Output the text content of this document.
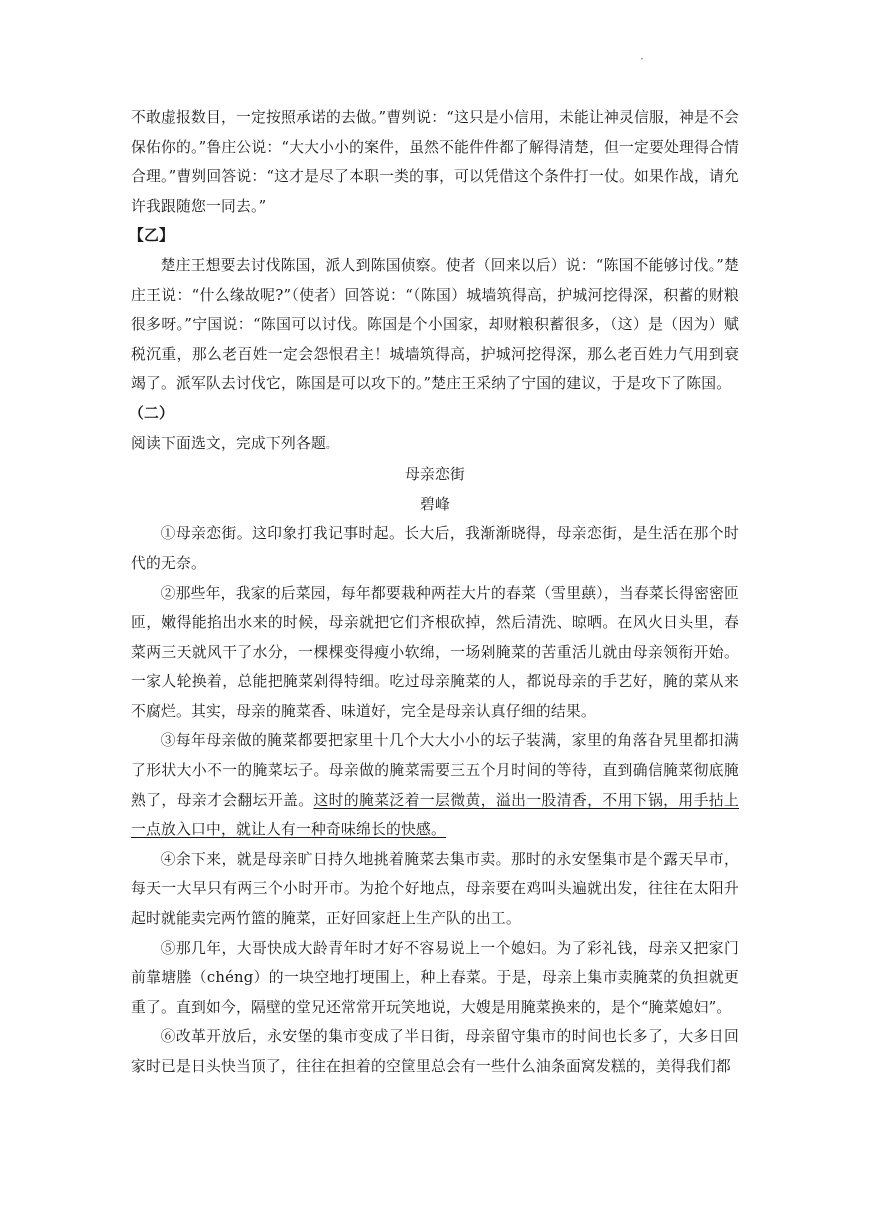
·

不敢虚报数目，一定按照承诺的去做。”曹刿说：“这只是小信用，未能让神灵信服，神是不会保佑你的。”鲁庄公说：“大大小小的案件，虽然不能件件都了解得清楚，但一定要处理得合情合理。”曹刿回答说：“这才是尽了本职一类的事，可以凭借这个条件打一仗。如果作战，请允许我跟随您一同去。”

【乙】

楚庄王想要去讨伐陈国，派人到陈国侦察。使者（回来以后）说：“陈国不能够讨伐。”楚庄王说：“什么缘故呢?”（使者）回答说：“（陈国）城墙筑得高，护城河挖得深，积蓄的财粮很多呀。”宁国说：“陈国可以讨伐。陈国是个小国家，却财粮积蓄很多，（这）是（因为）赋税沉重，那么老百姓一定会怨恨君主！城墙筑得高，护城河挖得深，那么老百姓力气用到衰竭了。派军队去讨伐它，陈国是可以攻下的。”楚庄王采纳了宁国的建议，于是攻下了陈国。

（二）

阅读下面选文，完成下列各题。

母亲恋街

碧峰

①母亲恋街。这印象打我记事时起。长大后，我渐渐晓得，母亲恋街，是生活在那个时代的无奈。

②那些年，我家的后菜园，每年都要栽种两茬大片的春菜（雪里蕻），当春菜长得密密匝匝，嫩得能掐出水来的时候，母亲就把它们齐根砍掉，然后清洗、晾晒。在风火日头里，春菜两三天就风干了水分，一棵棵变得瘦小软绵，一场剁腌菜的苦重活儿就由母亲领衔开始。一家人轮换着，总能把腌菜剁得特细。吃过母亲腌菜的人，都说母亲的手艺好，腌的菜从来不腐烂。其实，母亲的腌菜香、味道好，完全是母亲认真仔细的结果。

③每年母亲做的腌菜都要把家里十几个大大小小的坛子装满，家里的角落旮旯里都扣满了形状大小不一的腌菜坛子。母亲做的腌菜需要三五个月时间的等待，直到确信腌菜彻底腌熟了，母亲才会翻坛开盖。这时的腌菜泛着一层微黄，溢出一股清香，不用下锅，用手拈上一点放入口中，就让人有一种奇味绵长的快感。

④余下来，就是母亲旷日持久地挑着腌菜去集市卖。那时的永安堡集市是个露天早市，每天一大早只有两三个小时开市。为抢个好地点，母亲要在鸡叫头遍就出发，往往在太阳升起时就能卖完两竹篮的腌菜，正好回家赶上生产队的出工。

⑤那几年，大哥快成大龄青年时才好不容易说上一个媳妇。为了彩礼钱，母亲又把家门前靠塘塍（chéng）的一块空地打埂围上，种上春菜。于是，母亲上集市卖腌菜的负担就更重了。直到如今，隔壁的堂兄还常常开玩笑地说，大嫂是用腌菜换来的，是个“腌菜媳妇”。

⑥改革开放后，永安堡的集市变成了半日街，母亲留守集市的时间也长多了，大多日回家时已是日头快当顶了，往往在担着的空筐里总会有一些什么油条面窝发糕的，美得我们都
